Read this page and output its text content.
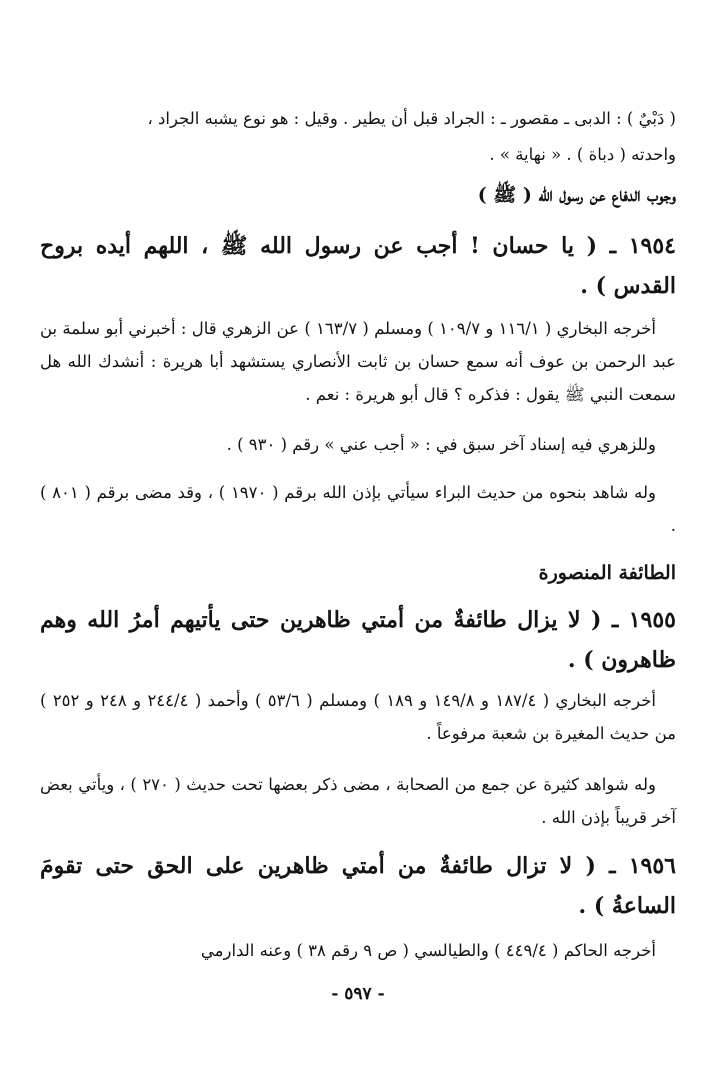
( دَبْيٌ ) : الدبى ـ مقصور ـ : الجراد قبل أن يطير . وقيل : هو نوع يشبه الجراد ،

واحدته ( دباة ) . « نهاية » .

وجوب الدفاع عن رسول الله ( ﷺ )

١٩٥٤ ـ ( يا حسان ! أجب عن رسول الله ﷺ ، اللهم أيده بروح القدس ) .

أخرجه البخاري ( ١١٦/١ و ١٠٩/٧ ) ومسلم ( ١٦٣/٧ ) عن الزهري قال : أخبرني أبو سلمة بن عبد الرحمن بن عوف أنه سمع حسان بن ثابت الأنصاري يستشهد أبا هريرة : أنشدك الله هل سمعت النبي ﷺ يقول : فذكره ؟ قال أبو هريرة : نعم .

وللزهري فيه إسناد آخر سبق في : « أجب عني » رقم ( ٩٣٠ ) .

وله شاهد بنحوه من حديث البراء سيأتي بإذن الله برقم ( ١٩٧٠ ) ، وقد مضى برقم ( ٨٠١ ) .

الطائفة المنصورة

١٩٥٥ ـ ( لا يزال طائفةٌ من أمتي ظاهرين حتى يأتيهم أمرُ الله وهم ظاهرون ) .

أخرجه البخاري ( ١٨٧/٤ و ١٤٩/٨ و ١٨٩ ) ومسلم ( ٥٣/٦ ) وأحمد ( ٢٤٤/٤ و ٢٤٨ و ٢٥٢ ) من حديث المغيرة بن شعبة مرفوعاً .

وله شواهد كثيرة عن جمع من الصحابة ، مضى ذكر بعضها تحت حديث ( ٢٧٠ ) ، ويأتي بعض آخر قريباً بإذن الله .

١٩٥٦ ـ ( لا تزال طائفةٌ من أمتي ظاهرين على الحق حتى تقومَ الساعةُ ) .

أخرجه الحاكم ( ٤٤٩/٤ ) والطيالسي ( ص ٩ رقم ٣٨ ) وعنه الدارمي

- ٥٩٧ -
